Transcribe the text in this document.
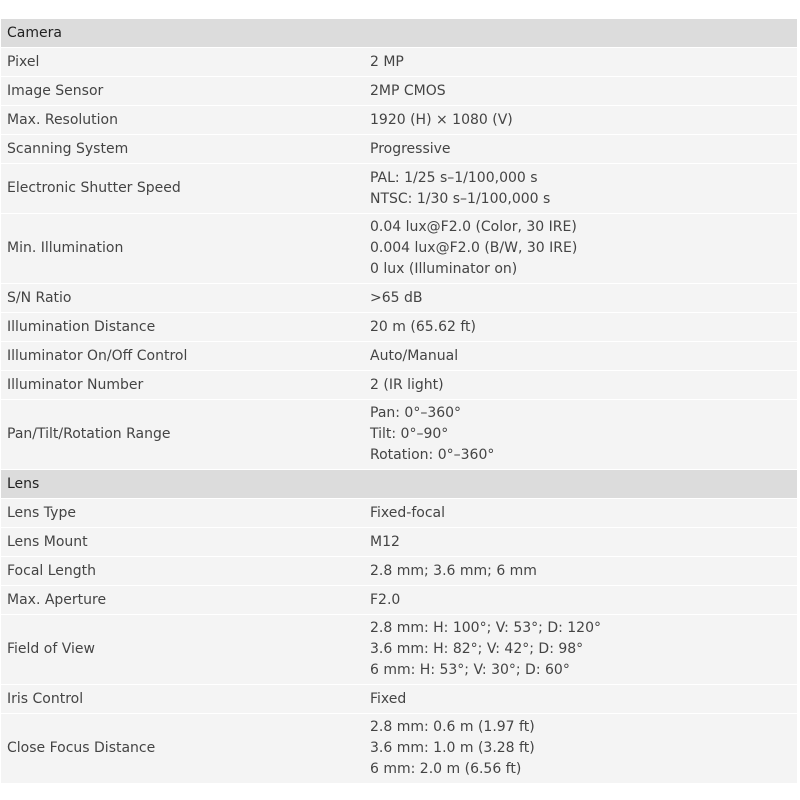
Camera	
Pixel	2 MP

Image Sensor	2MP CMOS

Max. Resolution	1920 (H) × 1080 (V)

Scanning System	Progressive

Electronic Shutter Speed	PAL: 1/25 s–1/100,000 s
NTSC: 1/30 s–1/100,000 s

Min. Illumination	0.04 lux@F2.0 (Color, 30 IRE)
0.004 lux@F2.0 (B/W, 30 IRE)
0 lux (Illuminator on)

S/N Ratio	>65 dB

Illumination Distance	20 m (65.62 ft)

Illuminator On/Off Control	Auto/Manual

Illuminator Number	2 (IR light)

Pan/Tilt/Rotation Range	Pan: 0°–360°
Tilt: 0°–90°
Rotation: 0°–360°

Lens	
Lens Type	Fixed-focal

Lens Mount	M12

Focal Length	2.8 mm; 3.6 mm; 6 mm

Max. Aperture	F2.0

Field of View	2.8 mm: H: 100°; V: 53°; D: 120°
3.6 mm: H: 82°; V: 42°; D: 98°
6 mm: H: 53°; V: 30°; D: 60°

Iris Control	Fixed

Close Focus Distance	2.8 mm: 0.6 m (1.97 ft)
3.6 mm: 1.0 m (3.28 ft)
6 mm: 2.0 m (6.56 ft)
